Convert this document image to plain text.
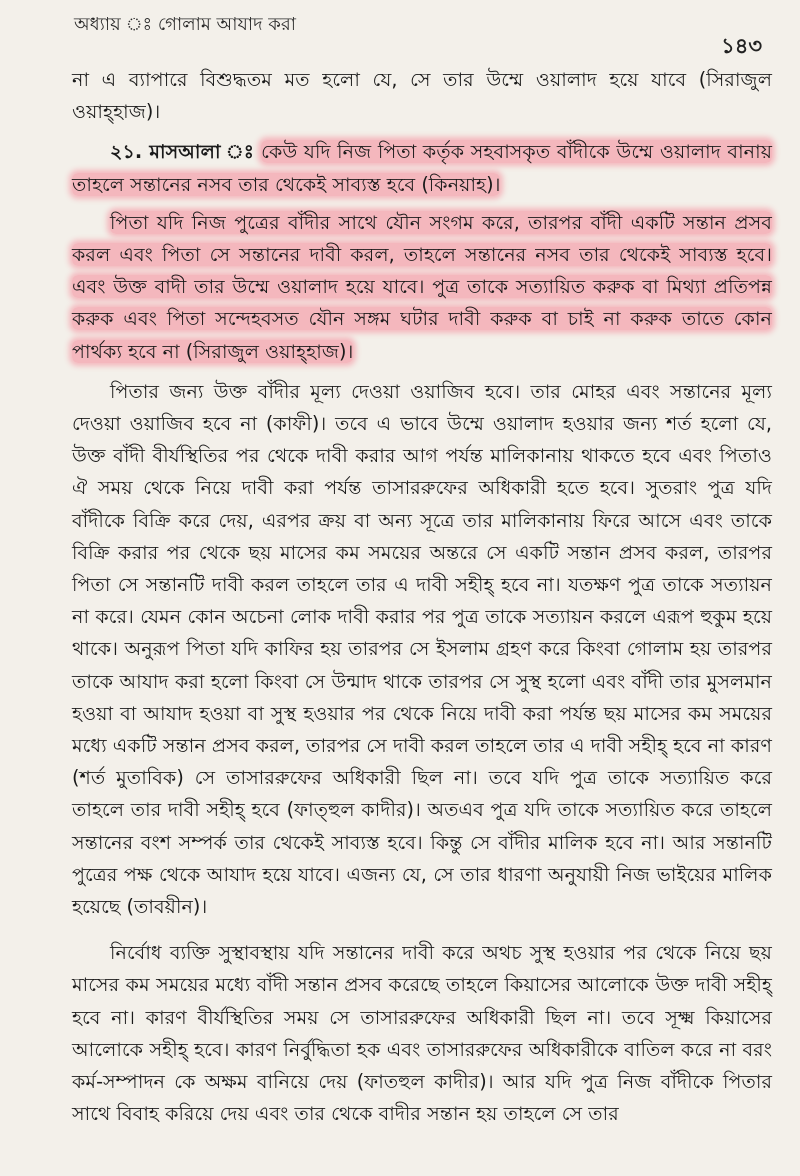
অধ্যায় ঃ গোলাম আযাদ করা
১৪৩

না এ ব্যাপারে বিশুদ্ধতম মত হলো যে, সে তার উম্মে ওয়ালাদ হয়ে যাবে (সিরাজুল ওয়াহ্হাজ)।

২১. মাসআলা ঃ কেউ যদি নিজ পিতা কর্তৃক সহবাসকৃত বাঁদীকে উম্মে ওয়ালাদ বানায় তাহলে সন্তানের নসব তার থেকেই সাব্যস্ত হবে (কিনয়াহ)।

পিতা যদি নিজ পুত্রের বাঁদীর সাথে যৌন সংগম করে, তারপর বাঁদী একটি সন্তান প্রসব করল এবং পিতা সে সন্তানের দাবী করল, তাহলে সন্তানের নসব তার থেকেই সাব্যস্ত হবে। এবং উক্ত বাদী তার উম্মে ওয়ালাদ হয়ে যাবে। পুত্র তাকে সত্যায়িত করুক বা মিথ্যা প্রতিপন্ন করুক এবং পিতা সন্দেহবসত যৌন সঙ্গম ঘটার দাবী করুক বা চাই না করুক তাতে কোন পার্থক্য হবে না (সিরাজুল ওয়াহ্হাজ)।

পিতার জন্য উক্ত বাঁদীর মূল্য দেওয়া ওয়াজিব হবে। তার মোহর এবং সন্তানের মূল্য দেওয়া ওয়াজিব হবে না (কাফী)। তবে এ ভাবে উম্মে ওয়ালাদ হওয়ার জন্য শর্ত হলো যে, উক্ত বাঁদী বীর্যস্থিতির পর থেকে দাবী করার আগ পর্যন্ত মালিকানায় থাকতে হবে এবং পিতাও ঐ সময় থেকে নিয়ে দাবী করা পর্যন্ত তাসাররুফের অধিকারী হতে হবে। সুতরাং পুত্র যদি বাঁদীকে বিক্রি করে দেয়, এরপর ক্রয় বা অন্য সূত্রে তার মালিকানায় ফিরে আসে এবং তাকে বিক্রি করার পর থেকে ছয় মাসের কম সময়ের অন্তরে সে একটি সন্তান প্রসব করল, তারপর পিতা সে সন্তানটি দাবী করল তাহলে তার এ দাবী সহীহ্ হবে না। যতক্ষণ পুত্র তাকে সত্যায়ন না করে। যেমন কোন অচেনা লোক দাবী করার পর পুত্র তাকে সত্যায়ন করলে এরূপ হুকুম হয়ে থাকে। অনুরূপ পিতা যদি কাফির হয় তারপর সে ইসলাম গ্রহণ করে কিংবা গোলাম হয় তারপর তাকে আযাদ করা হলো কিংবা সে উন্মাদ থাকে তারপর সে সুস্থ হলো এবং বাঁদী তার মুসলমান হওয়া বা আযাদ হওয়া বা সুস্থ হওয়ার পর থেকে নিয়ে দাবী করা পর্যন্ত ছয় মাসের কম সময়ের মধ্যে একটি সন্তান প্রসব করল, তারপর সে দাবী করল তাহলে তার এ দাবী সহীহ্ হবে না কারণ (শর্ত মুতাবিক) সে তাসাররুফের অধিকারী ছিল না। তবে যদি পুত্র তাকে সত্যায়িত করে তাহলে তার দাবী সহীহ্ হবে (ফাত্হুল কাদীর)। অতএব পুত্র যদি তাকে সত্যায়িত করে তাহলে সন্তানের বংশ সম্পর্ক তার থেকেই সাব্যস্ত হবে। কিন্তু সে বাঁদীর মালিক হবে না। আর সন্তানটি পুত্রের পক্ষ থেকে আযাদ হয়ে যাবে। এজন্য যে, সে তার ধারণা অনুযায়ী নিজ ভাইয়ের মালিক হয়েছে (তাবয়ীন)।

নির্বোধ ব্যক্তি সুস্থাবস্থায় যদি সন্তানের দাবী করে অথচ সুস্থ হওয়ার পর থেকে নিয়ে ছয় মাসের কম সময়ের মধ্যে বাঁদী সন্তান প্রসব করেছে তাহলে কিয়াসের আলোকে উক্ত দাবী সহীহ্ হবে না। কারণ বীর্যস্থিতির সময় সে তাসাররুফের অধিকারী ছিল না। তবে সূক্ষ্ম কিয়াসের আলোকে সহীহ্ হবে। কারণ নির্বুদ্ধিতা হক এবং তাসাররুফের অধিকারীকে বাতিল করে না বরং কর্ম-সম্পাদন কে অক্ষম বানিয়ে দেয় (ফাতহুল কাদীর)। আর যদি পুত্র নিজ বাঁদীকে পিতার সাথে বিবাহ করিয়ে দেয় এবং তার থেকে বাদীর সন্তান হয় তাহলে সে তার
